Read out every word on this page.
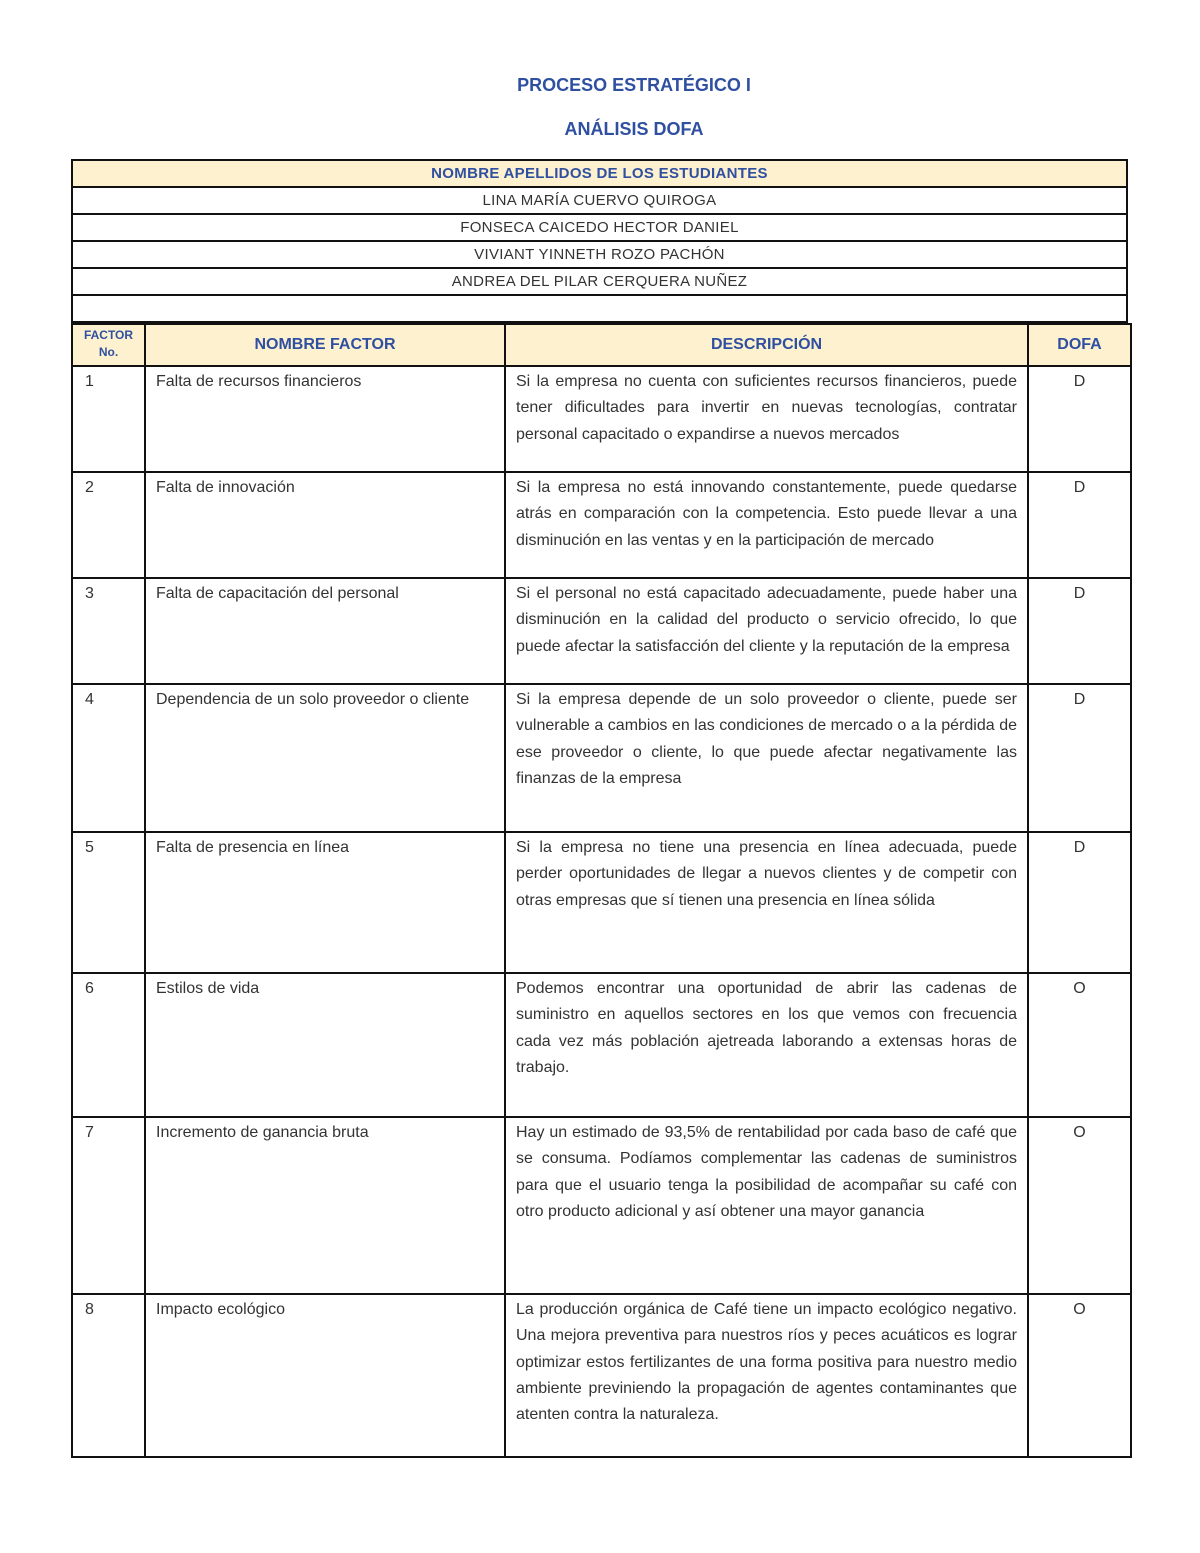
PROCESO ESTRATÉGICO I
ANÁLISIS DOFA
NOMBRE APELLIDOS DE LOS ESTUDIANTES
LINA MARÍA CUERVO QUIROGA
FONSECA CAICEDO HECTOR DANIEL
VIVIANT YINNETH ROZO PACHÓN
ANDREA DEL PILAR CERQUERA NUÑEZ

FACTOR
No.	NOMBRE FACTOR	DESCRIPCIÓN	DOFA
1	Falta de recursos financieros	Si la empresa no cuenta con suficientes recursos financieros, puede tener dificultades para invertir en nuevas tecnologías, contratar personal capacitado o expandirse a nuevos mercados	D
2	Falta de innovación	Si la empresa no está innovando constantemente, puede quedarse atrás en comparación con la competencia. Esto puede llevar a una disminución en las ventas y en la participación de mercado	D
3	Falta de capacitación del personal	Si el personal no está capacitado adecuadamente, puede haber una disminución en la calidad del producto o servicio ofrecido, lo que puede afectar la satisfacción del cliente y la reputación de la empresa	D
4	Dependencia de un solo proveedor o cliente	Si la empresa depende de un solo proveedor o cliente, puede ser vulnerable a cambios en las condiciones de mercado o a la pérdida de ese proveedor o cliente, lo que puede afectar negativamente las finanzas de la empresa	D
5	Falta de presencia en línea	Si la empresa no tiene una presencia en línea adecuada, puede perder oportunidades de llegar a nuevos clientes y de competir con otras empresas que sí tienen una presencia en línea sólida	D
6	Estilos de vida	Podemos encontrar una oportunidad de abrir las cadenas de suministro en aquellos sectores en los que vemos con frecuencia cada vez más población ajetreada laborando a extensas horas de trabajo.	O
7	Incremento de ganancia bruta	Hay un estimado de 93,5% de rentabilidad por cada baso de café que se consuma. Podíamos complementar las cadenas de suministros para que el usuario tenga la posibilidad de acompañar su café con otro producto adicional y así obtener una mayor ganancia	O
8	Impacto ecológico	La producción orgánica de Café tiene un impacto ecológico negativo. Una mejora preventiva para nuestros ríos y peces acuáticos es lograr optimizar estos fertilizantes de una forma positiva para nuestro medio ambiente previniendo la propagación de agentes contaminantes que atenten contra la naturaleza.	O
